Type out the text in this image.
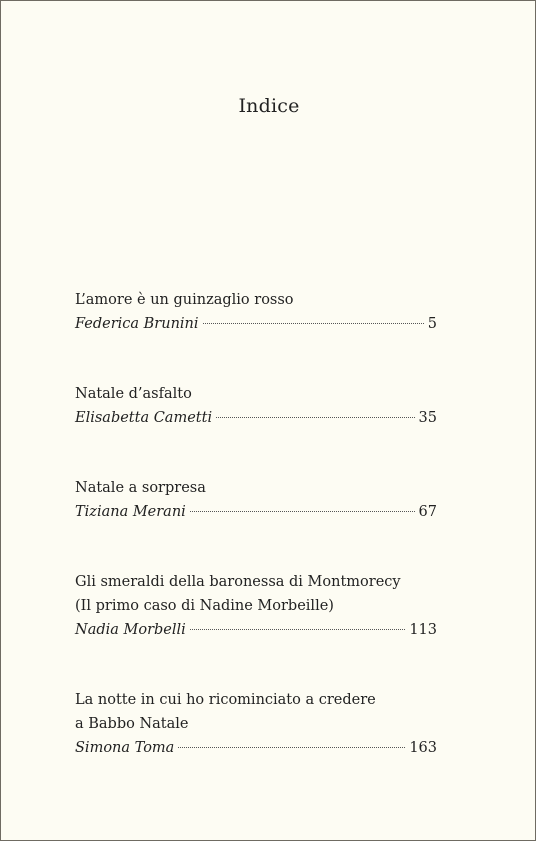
Indice
L’amore è un guinzaglio rosso
Federica Brunini	5
Natale d’asfalto
Elisabetta Cametti	35
Natale a sorpresa
Tiziana Merani	67
Gli smeraldi della baronessa di Montmorecy
(Il primo caso di Nadine Morbeille)
Nadia Morbelli	113
La notte in cui ho ricominciato a credere
a Babbo Natale
Simona Toma	163
